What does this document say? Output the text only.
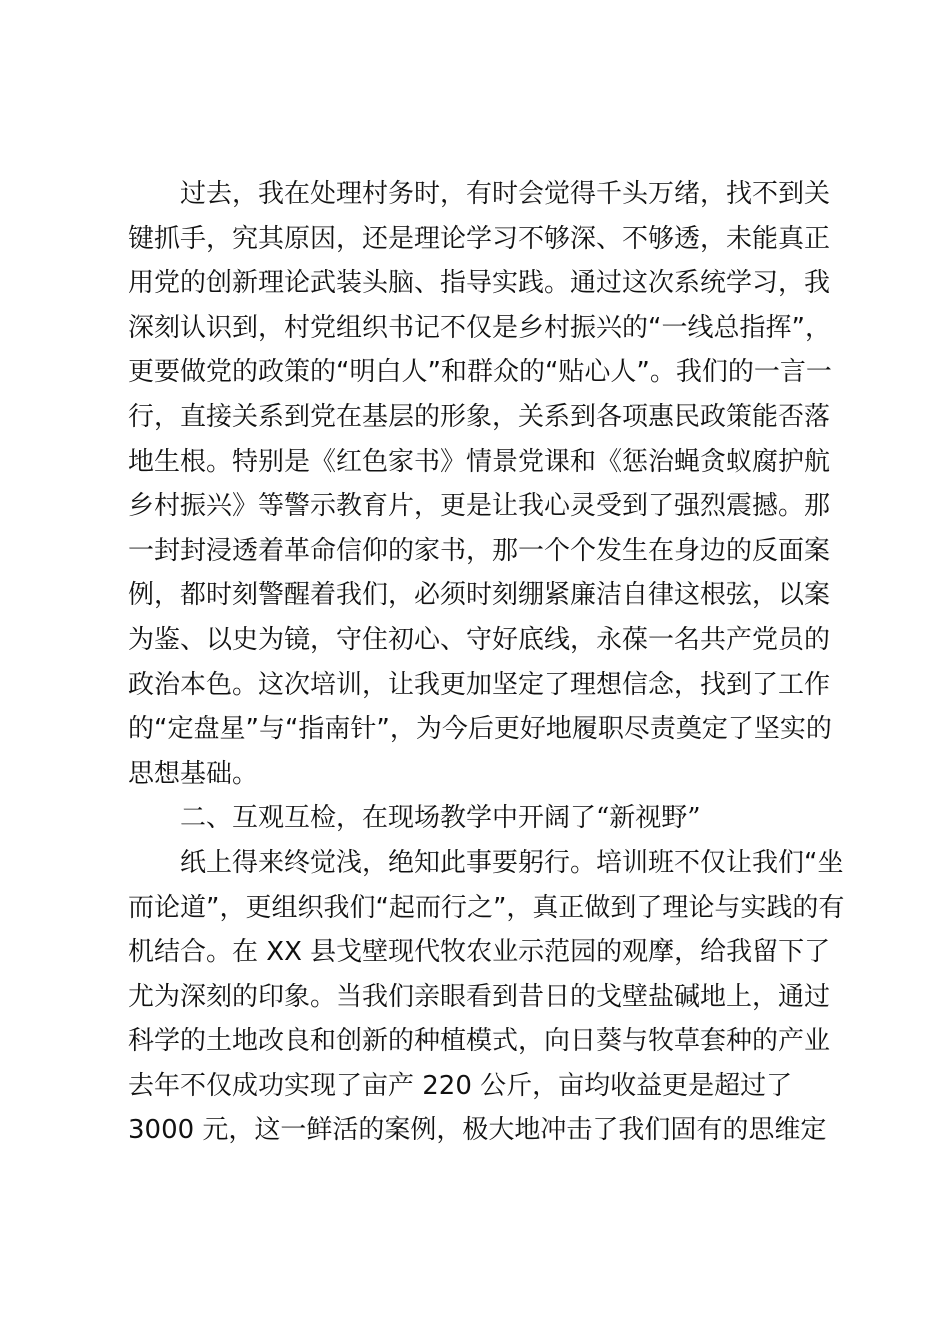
过去，我在处理村务时，有时会觉得千头万绪，找不到关
键抓手，究其原因，还是理论学习不够深、不够透，未能真正
用党的创新理论武装头脑、指导实践。通过这次系统学习，我
深刻认识到，村党组织书记不仅是乡村振兴的“一线总指挥”，
更要做党的政策的“明白人”和群众的“贴心人”。我们的一言一
行，直接关系到党在基层的形象，关系到各项惠民政策能否落
地生根。特别是《红色家书》情景党课和《惩治蝇贪蚁腐护航
乡村振兴》等警示教育片，更是让我心灵受到了强烈震撼。那
一封封浸透着革命信仰的家书，那一个个发生在身边的反面案
例，都时刻警醒着我们，必须时刻绷紧廉洁自律这根弦，以案
为鉴、以史为镜，守住初心、守好底线，永葆一名共产党员的
政治本色。这次培训，让我更加坚定了理想信念，找到了工作
的“定盘星”与“指南针”，为今后更好地履职尽责奠定了坚实的
思想基础。
二、互观互检，在现场教学中开阔了“新视野”
纸上得来终觉浅，绝知此事要躬行。培训班不仅让我们“坐
而论道”，更组织我们“起而行之”，真正做到了理论与实践的有
机结合。在 XX 县戈壁现代牧农业示范园的观摩，给我留下了
尤为深刻的印象。当我们亲眼看到昔日的戈壁盐碱地上，通过
科学的土地改良和创新的种植模式，向日葵与牧草套种的产业
去年不仅成功实现了亩产 220 公斤，亩均收益更是超过了
3000 元，这一鲜活的案例，极大地冲击了我们固有的思维定
